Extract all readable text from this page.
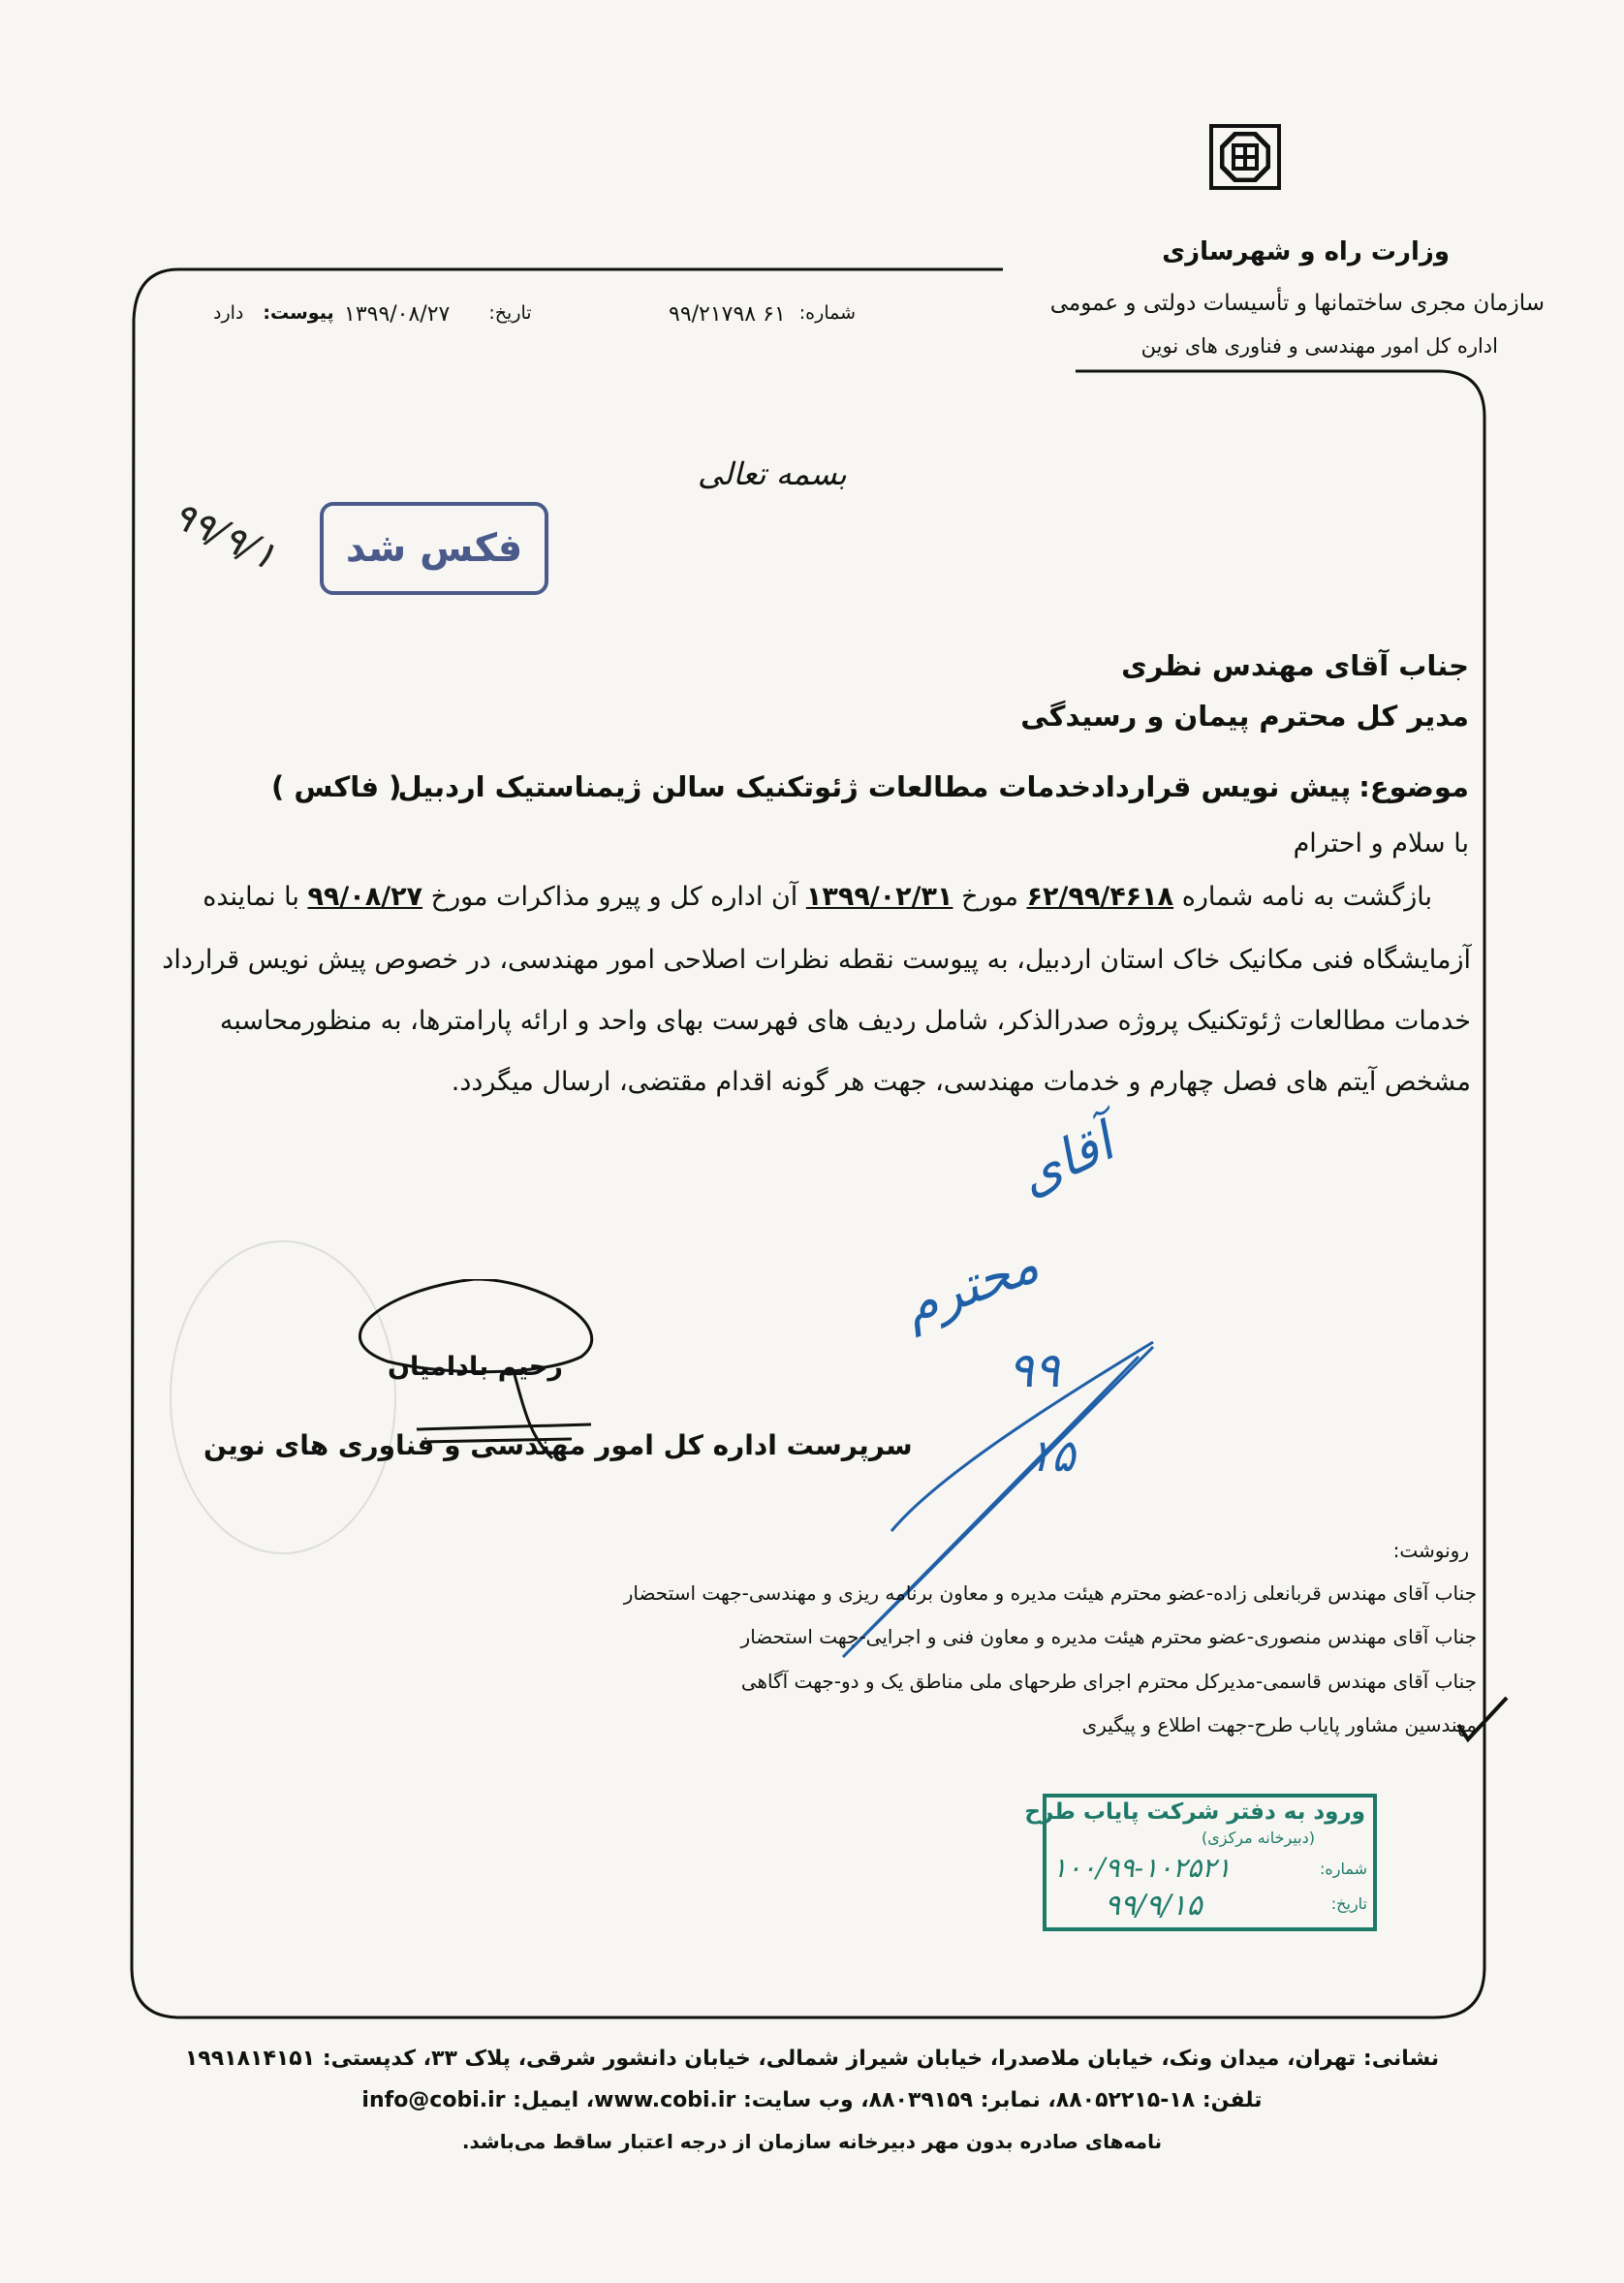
وزارت راه و شهرسازی
سازمان مجری ساختمانها و تأسیسات دولتی و عمومی
اداره کل امور مهندسی و فناوری های نوین
شماره:
۶۱ ۹۹/۲۱۷۹۸
تاریخ:
۱۳۹۹/۰۸/۲۷
پیوست:
دارد
بسمه تعالی
فکس شد
۹۹/۹/۱
جناب آقای مهندس نظری
مدیر کل محترم پیمان و رسیدگی
موضوع:
پیش نویس قراردادخدمات مطالعات ژئوتکنیک سالن ژیمناستیک اردبیل
( فاکس )
با سلام و احترام
بازگشت به نامه شماره ۶۲/۹۹/۴۶۱۸ مورخ ۱۳۹۹/۰۲/۳۱ آن اداره کل و پیرو مذاکرات مورخ ۹۹/۰۸/۲۷ با نماینده
آزمایشگاه فنی مکانیک خاک استان اردبیل، به پیوست نقطه نظرات اصلاحی امور مهندسی، در خصوص پیش نویس قرارداد
خدمات مطالعات ژئوتکنیک پروژه صدرالذکر، شامل ردیف های فهرست بهای واحد و ارائه پارامترها، به منظورمحاسبه
مشخص آیتم های فصل چهارم و خدمات مهندسی، جهت هر گونه اقدام مقتضی، ارسال میگردد.
رحیم بادامیان
سرپرست اداره کل امور مهندسی و فناوری های نوین
آقای
محترم
۹۹
۱۵
رونوشت:
جناب آقای مهندس قربانعلی زاده-عضو محترم هیئت مدیره و معاون برنامه ریزی و مهندسی-جهت استحضار
جناب آقای مهندس منصوری-عضو محترم هیئت مدیره و معاون فنی و اجرایی-جهت استحضار
جناب آقای مهندس قاسمی-مدیرکل محترم اجرای طرحهای ملی مناطق یک و دو-جهت آگاهی
مهندسین مشاور پایاب طرح-جهت اطلاع و پیگیری
ورود به دفتر شرکت پایاب طرح
(دبیرخانه مرکزی)
شماره:
۱۰۰/۹۹-۱۰۲۵۲۱
تاریخ:
۹۹/۹/۱۵
نشانی: تهران، میدان ونک، خیابان ملاصدرا، خیابان شیراز شمالی، خیابان دانشور شرقی، پلاک ۳۳، کدپستی: ۱۹۹۱۸۱۴۱۵۱
تلفن: ۱۸-۸۸۰۵۲۲۱۵، نمابر: ۸۸۰۳۹۱۵۹، وب سایت: www.cobi.ir، ایمیل: info@cobi.ir
نامه‌های صادره بدون مهر دبیرخانه سازمان از درجه اعتبار ساقط می‌باشد.
